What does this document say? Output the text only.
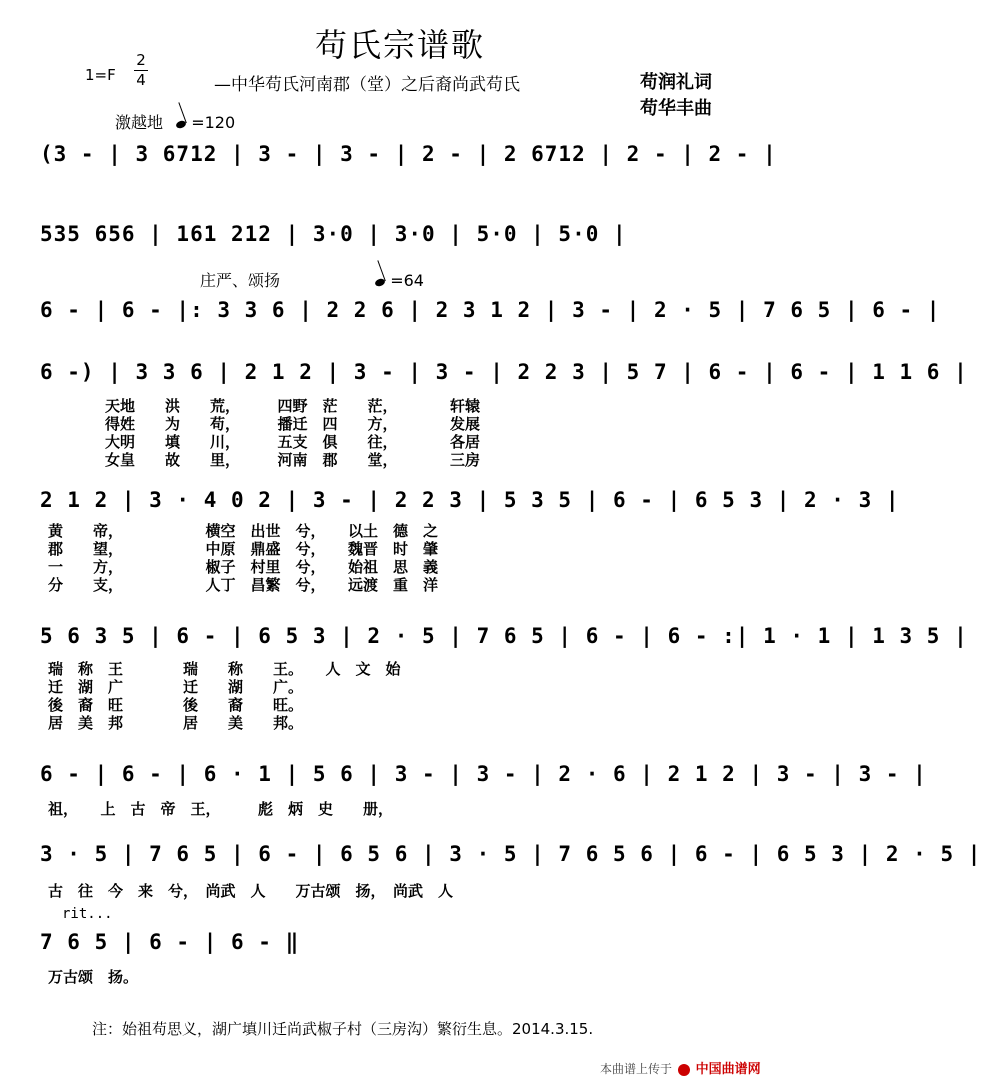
苟氏宗谱歌
1=F
2
4	—中华苟氏河南郡（堂）之后裔尚武苟氏	苟润礼词
苟华丰曲
激越地 =120
(3 - | 3 6712 | 3 - | 3 - | 2 - | 2 6712 | 2 - | 2 - |
535 656 | 161 212 | 3·0 | 3·0 | 5·0 | 5·0 |
庄严、颂扬	=64
6 - | 6 - |: 3 3 6 | 2 2 6 | 2 3 1 2 | 3 - | 2 · 5 | 7 6 5 | 6 - |
6 -) | 3 3 6 | 2 1 2 | 3 - | 3 - | 2 2 3 | 5 7 | 6 - | 6 - | 1 1 6 |
天地　　洪　　荒，　　　四野　茫　　茫，　　　　轩辕
得姓　　为　　苟，　　　播迁　四　　方，　　　　发展
大明　　填　　川，　　　五支　俱　　往，　　　　各居
女皇　　故　　里，　　　河南　郡　　堂，　　　　三房
2 1 2 | 3 · 4 0 2 | 3 - | 2 2 3 | 5 3 5 | 6 - | 6 5 3 | 2 · 3 |
黄　　帝，　　　　　　横空　出世　兮，　　以土　德　之
郡　　望，　　　　　　中原　鼎盛　兮，　　魏晋　时　肇
一　　方，　　　　　　椒子　村里　兮，　　始祖　思　義
分　　支，　　　　　　人丁　昌繁　兮，　　远渡　重　洋
5 6 3 5 | 6 - | 6 5 3 | 2 · 5 | 7 6 5 | 6 - | 6 - :| 1 · 1 | 1 3 5 |
瑞　称　王　　　　瑞　　称　　王。　　人　文　始
迁　湖　广　　　　迁　　湖　　广。
後　裔　旺　　　　後　　裔　　旺。
居　美　邦　　　　居　　美　　邦。
6 - | 6 - | 6 · 1 | 5 6 | 3 - | 3 - | 2 · 6 | 2 1 2 | 3 - | 3 - |
祖，　　上　古　帝　王，　　　彪　炳　史　　册，
3 · 5 | 7 6 5 | 6 - | 6 5 6 | 3 · 5 | 7 6 5 6 | 6 - | 6 5 3 | 2 · 5 |
古　往　今　来　兮，　尚武　人　　万古颂　扬，　尚武　人
rit...
7 6 5 | 6 - | 6 - ‖
万古颂　扬。
注：始祖苟思义，湖广填川迁尚武椒子村（三房沟）繁衍生息。2014.3.15.
本曲谱上传于 中国曲谱网
